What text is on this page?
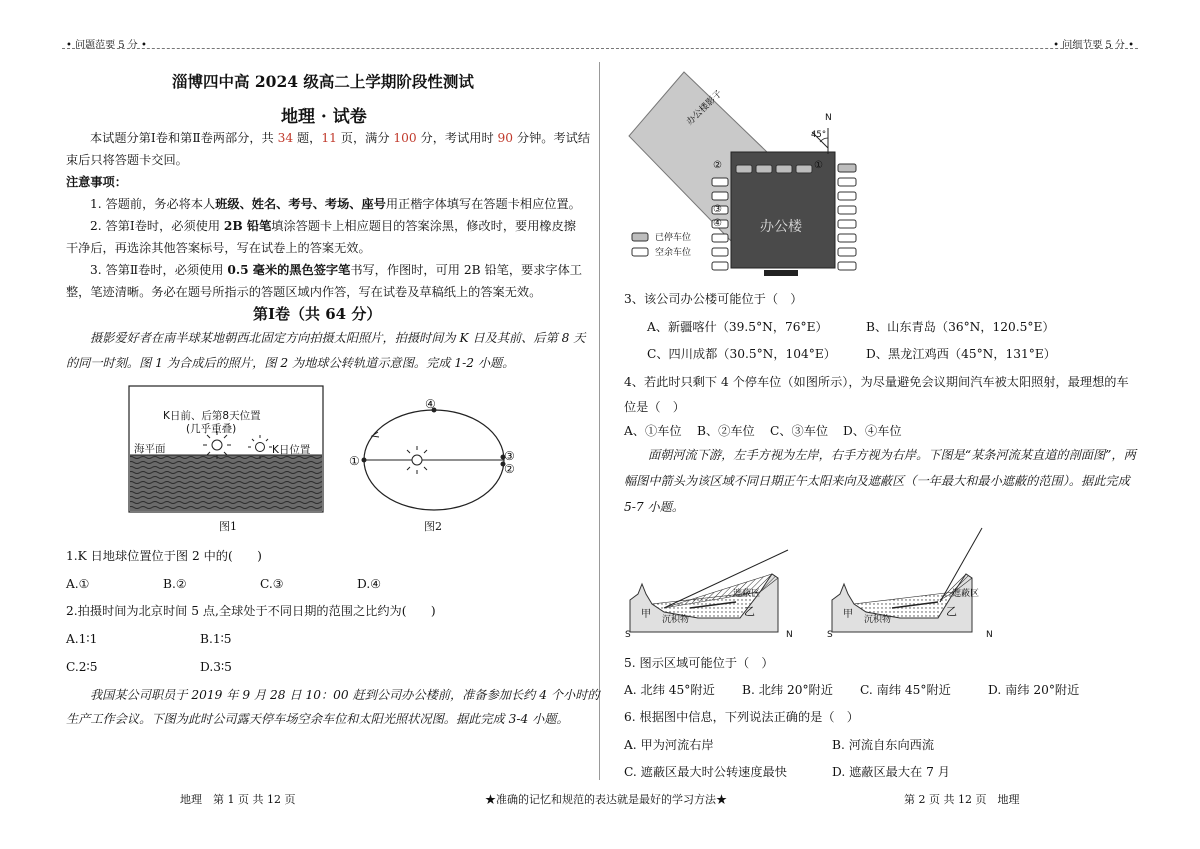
• 问题范要 5 分 •	• 问细节要 5 分 •
淄博四中高 2024 级高二上学期阶段性测试
地理 · 试卷
本试题分第Ⅰ卷和第Ⅱ卷两部分，共 34 题，11 页，满分 100 分，考试用时 90 分钟。考试结
束后只将答题卡交回。
注意事项：
1. 答题前，务必将本人班级、姓名、考号、考场、座号用正楷字体填写在答题卡相应位置。
2. 答第Ⅰ卷时，必须使用 2B 铅笔填涂答题卡上相应题目的答案涂黑，修改时，要用橡皮擦
干净后，再选涂其他答案标号，写在试卷上的答案无效。
3. 答第Ⅱ卷时，必须使用 0.5 毫米的黑色签字笔书写，作图时，可用 2B 铅笔，要求字体工
整，笔迹清晰。务必在题号所指示的答题区域内作答，写在试卷及草稿纸上的答案无效。
第Ⅰ卷（共 64 分）
摄影爱好者在南半球某地朝西北固定方向拍摄太阳照片，拍摄时间为 K 日及其前、后第 8 天
的同一时刻。图 1 为合成后的照片，图 2 为地球公转轨道示意图。完成 1-2 小题。
K日前、后第8天位置
(几乎重叠)
海平面	K日位置
图1
④
①	③
②
图2
1.K 日地球位置位于图 2 中的(　　)
A.①	B.②	C.③	D.④
2.拍摄时间为北京时间 5 点,全球处于不同日期的范围之比约为(　　)
A.1∶1	B.1∶5
C.2∶5	D.3∶5
我国某公司职员于 2019 年 9 月 28 日 10：00 赶到公司办公楼前，准备参加长约 4 个小时的
生产工作会议。下图为此时公司露天停车场空余车位和太阳光照状况图。据此完成 3-4 小题。
办公楼影子
办公楼
45°
N
已停车位
空余车位
②	①
③
④
3、该公司办公楼可能位于（　）
A、新疆喀什（39.5°N，76°E）	B、山东青岛（36°N，120.5°E）
C、四川成都（30.5°N，104°E） D、黑龙江鸡西（45°N，131°E）
4、若此时只剩下 4 个停车位（如图所示），为尽量避免会议期间汽车被太阳照射，最理想的车
位是（　）
A、①车位 B、②车位 C、③车位 D、④车位
面朝河流下游，左手方视为左岸，右手方视为右岸。下图是“某条河流某直道的剖面图”，两
幅图中箭头为该区域不同日期正午太阳来向及遮蔽区（一年最大和最小遮蔽的范围）。据此完成
5-7 小题。
遮蔽区
甲	乙
沉积物
S	N
遮蔽区
甲	乙
沉积物
S	N
5. 图示区域可能位于（　）
A. 北纬 45°附近 B. 北纬 20°附近 C. 南纬 45°附近	D. 南纬 20°附近
6. 根据图中信息，下列说法正确的是（　）
A. 甲为河流右岸	B. 河流自东向西流
C. 遮蔽区最大时公转速度最快	D. 遮蔽区最大在 7 月
地理　第 1 页 共 12 页	★准确的记忆和规范的表达就是最好的学习方法★	第 2 页 共 12 页　地理
